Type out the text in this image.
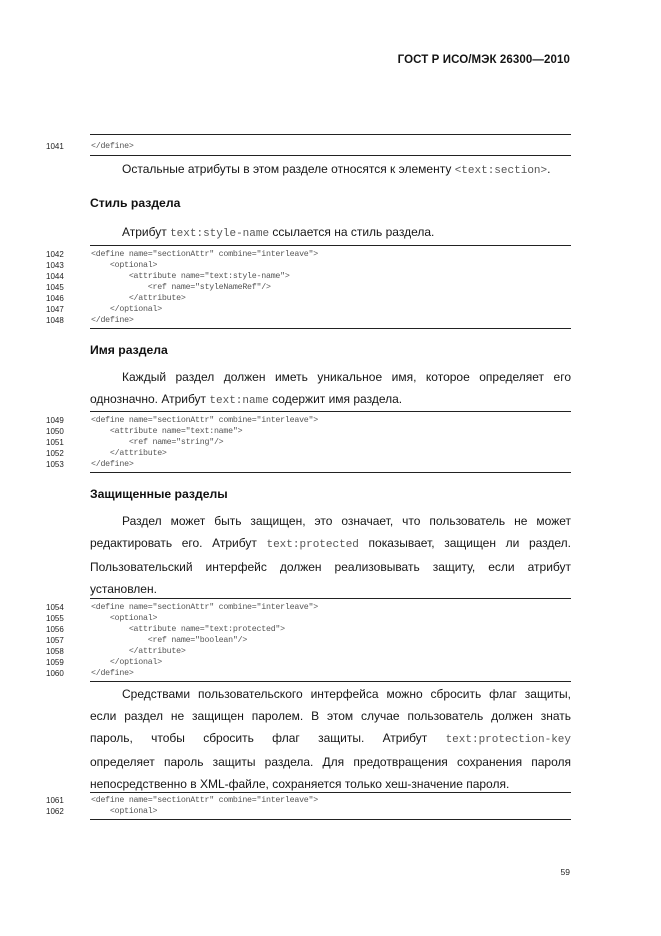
ГОСТ Р ИСО/МЭК 26300—2010
1041	</define>
Остальные атрибуты в этом разделе относятся к элементу <text:section>.
Стиль раздела
Атрибут text:style-name ссылается на стиль раздела.
1042	<define name="sectionAttr" combine="interleave">
1043	<optional>
1044	<attribute name="text:style-name">
1045	<ref name="styleNameRef"/>
1046	</attribute>
1047	</optional>
1048	</define>
Имя раздела
Каждый раздел должен иметь уникальное имя, которое определяет его
однозначно. Атрибут text:name содержит имя раздела.
1049	<define name="sectionAttr" combine="interleave">
1050	<attribute name="text:name">
1051	<ref name="string"/>
1052	</attribute>
1053	</define>
Защищенные разделы
Раздел может быть защищен, это означает, что пользователь не может
редактировать его. Атрибут text:protected показывает, защищен ли раздел.
Пользовательский интерфейс должен реализовывать защиту, если атрибут
установлен.
1054	<define name="sectionAttr" combine="interleave">
1055	<optional>
1056	<attribute name="text:protected">
1057	<ref name="boolean"/>
1058	</attribute>
1059	</optional>
1060	</define>
Средствами пользовательского интерфейса можно сбросить флаг защиты,
если раздел не защищен паролем. В этом случае пользователь должен знать
пароль, чтобы сбросить флаг защиты. Атрибут text:protection-key
определяет пароль защиты раздела. Для предотвращения сохранения пароля
непосредственно в XML-файле, сохраняется только хеш-значение пароля.
1061	<define name="sectionAttr" combine="interleave">
1062	<optional>
59
